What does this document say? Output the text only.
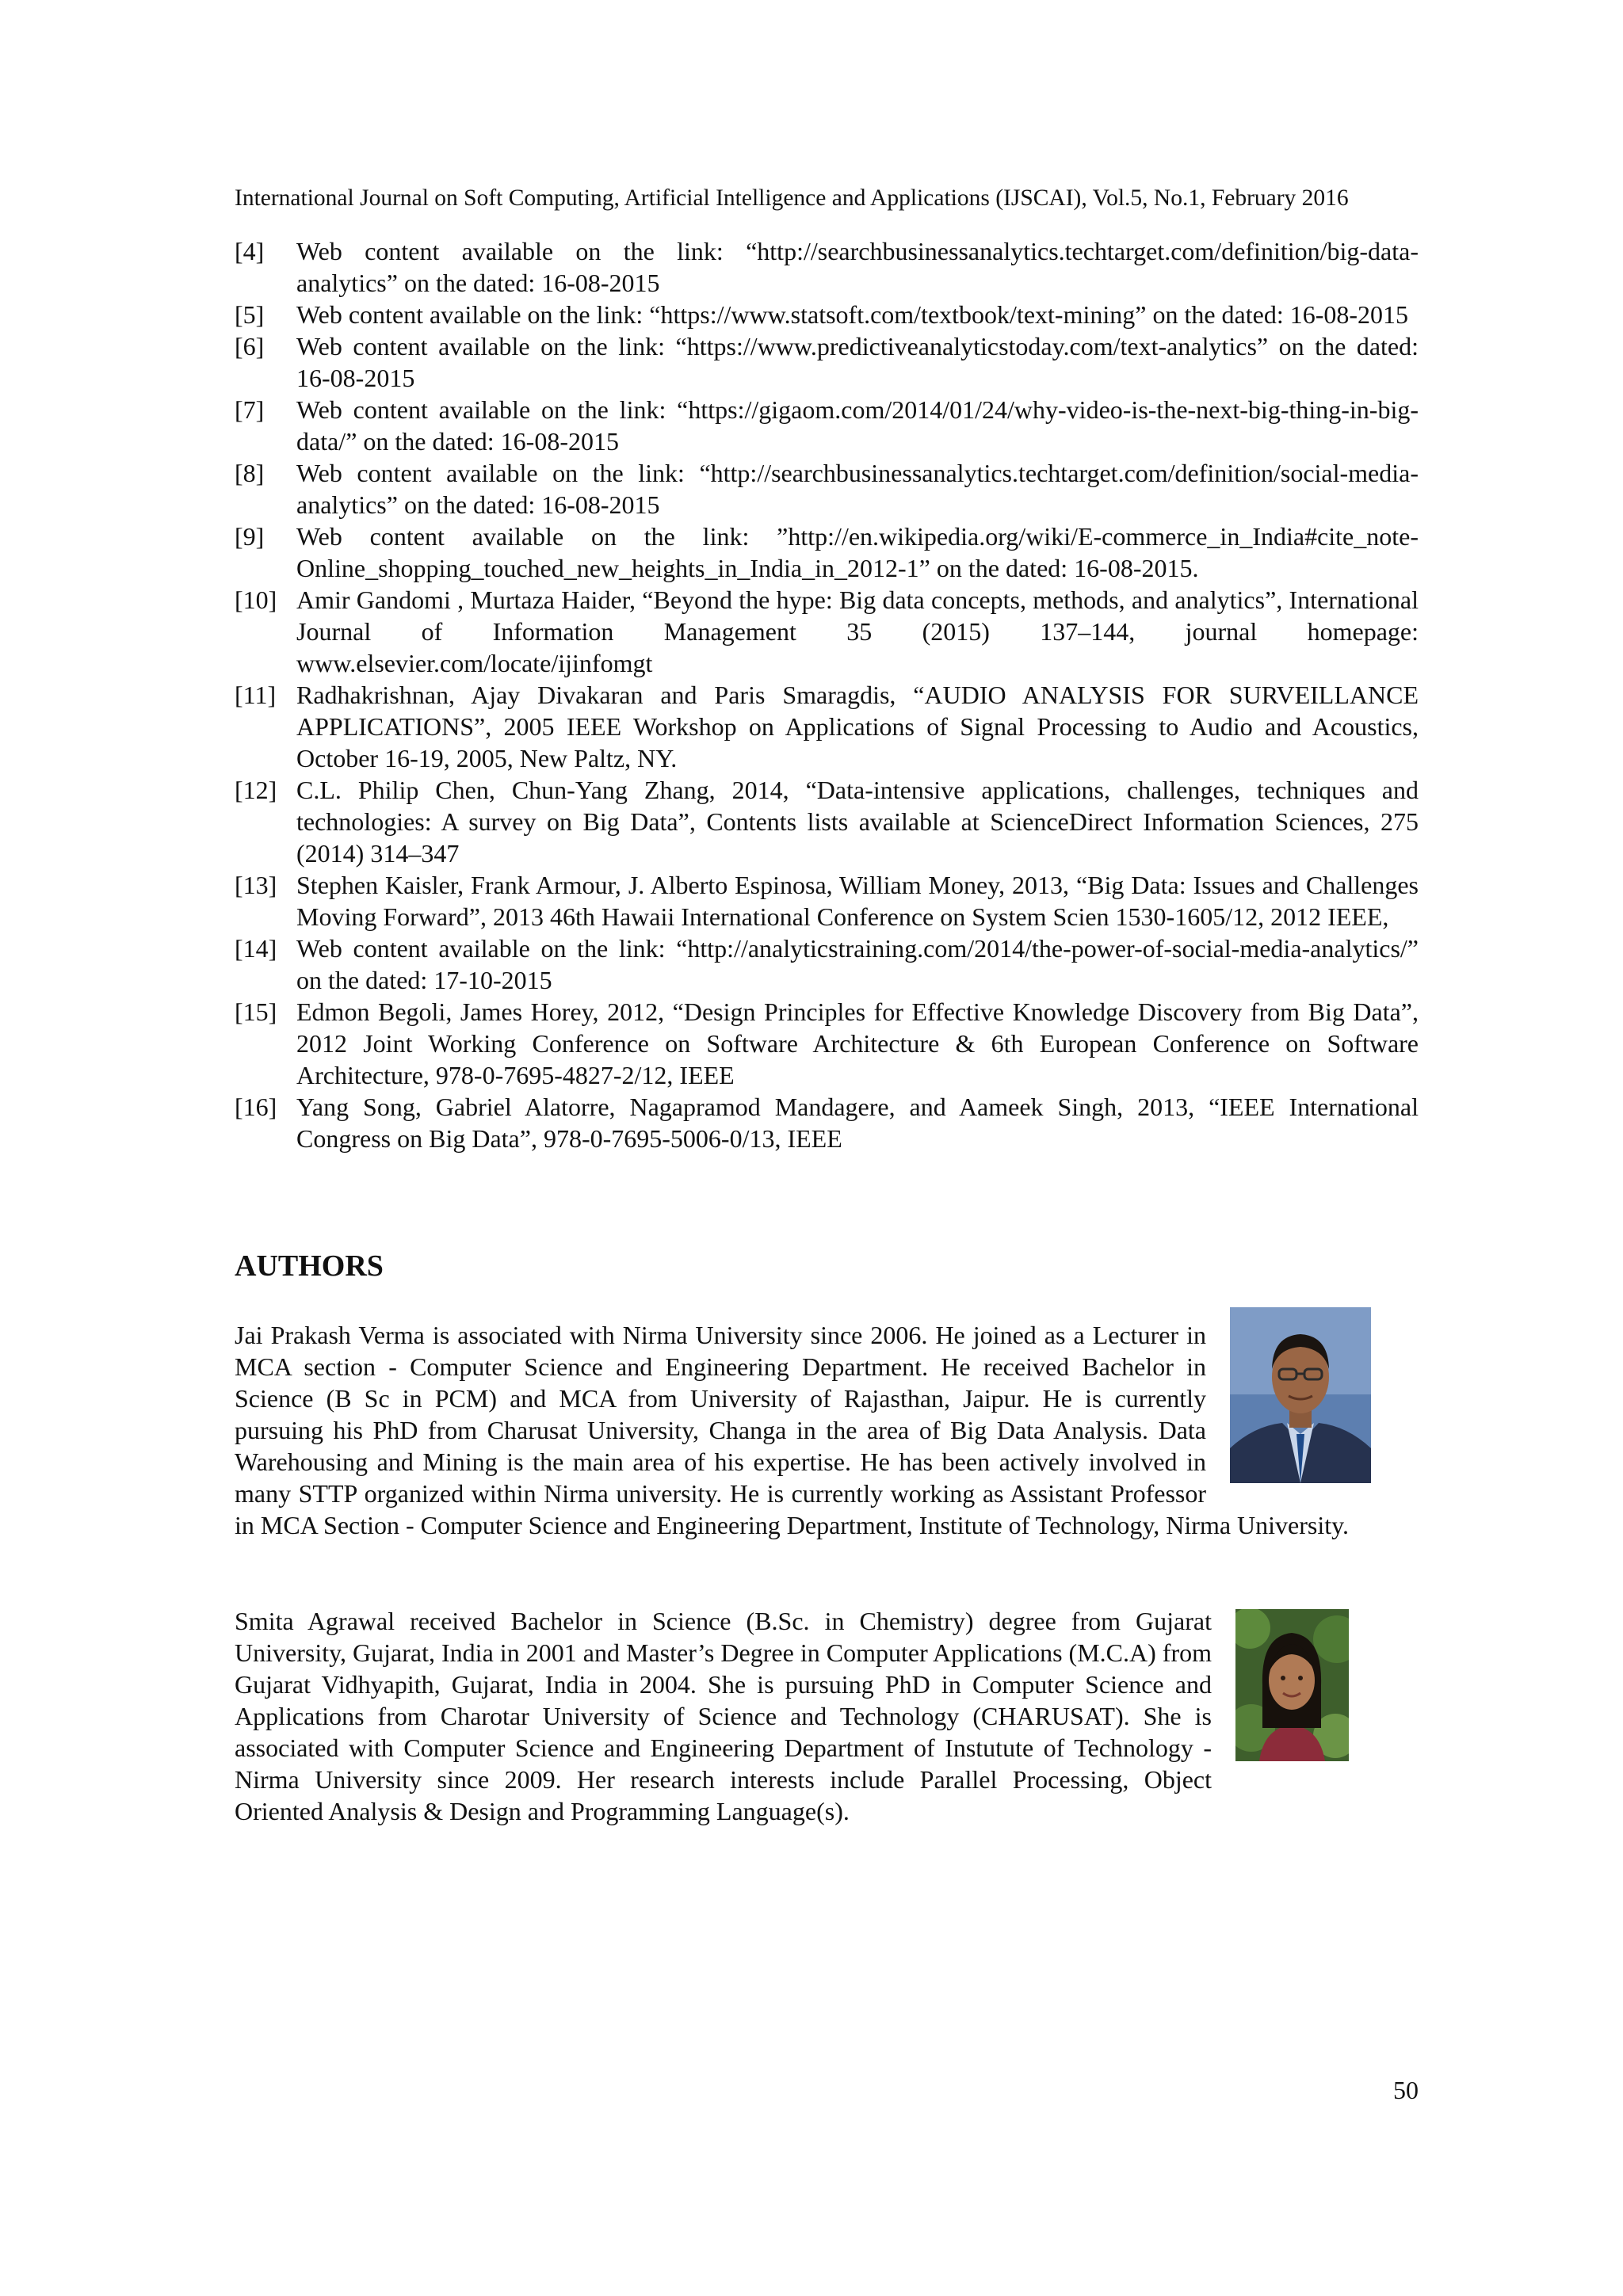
International Journal on Soft Computing, Artificial Intelligence and Applications (IJSCAI), Vol.5, No.1, February 2016
[4]	Web content available on the link: “http://searchbusinessanalytics.techtarget.com/definition/big-data-analytics” on the dated: 16-08-2015
[5]	Web content available on the link: “https://www.statsoft.com/textbook/text-mining” on the dated: 16-08-2015
[6]	Web content available on the link: “https://www.predictiveanalyticstoday.com/text-analytics” on the dated: 16-08-2015
[7]	Web content available on the link: “https://gigaom.com/2014/01/24/why-video-is-the-next-big-thing-in-big-data/” on the dated: 16-08-2015
[8]	Web content available on the link: “http://searchbusinessanalytics.techtarget.com/definition/social-media-analytics” on the dated: 16-08-2015
[9]	Web content available on the link: ”http://en.wikipedia.org/wiki/E-commerce_in_India#cite_note-Online_shopping_touched_new_heights_in_India_in_2012-1” on the dated: 16-08-2015.
[10] Amir Gandomi , Murtaza Haider, “Beyond the hype: Big data concepts, methods, and analytics”, International Journal of Information Management 35 (2015) 137–144, journal homepage: www.elsevier.com/locate/ijinfomgt
[11] Radhakrishnan, Ajay Divakaran and Paris Smaragdis, “AUDIO ANALYSIS FOR SURVEILLANCE APPLICATIONS”, 2005 IEEE Workshop on Applications of Signal Processing to Audio and Acoustics, October 16-19, 2005, New Paltz, NY.
[12] C.L. Philip Chen, Chun-Yang Zhang, 2014, “Data-intensive applications, challenges, techniques and technologies: A survey on Big Data”, Contents lists available at ScienceDirect Information Sciences, 275 (2014) 314–347
[13] Stephen Kaisler, Frank Armour, J. Alberto Espinosa, William Money, 2013, “Big Data: Issues and Challenges Moving Forward”, 2013 46th Hawaii International Conference on System Scien 1530-1605/12, 2012 IEEE,
[14] Web content available on the link: “http://analyticstraining.com/2014/the-power-of-social-media-analytics/” on the dated: 17-10-2015
[15] Edmon Begoli, James Horey, 2012, “Design Principles for Effective Knowledge Discovery from Big Data”, 2012 Joint Working Conference on Software Architecture & 6th European Conference on Software Architecture, 978-0-7695-4827-2/12, IEEE
[16] Yang Song, Gabriel Alatorre, Nagapramod Mandagere, and Aameek Singh, 2013, “IEEE International Congress on Big Data”, 978-0-7695-5006-0/13, IEEE
AUTHORS

Jai Prakash Verma is associated with Nirma University since 2006. He joined as a Lecturer in MCA section - Computer Science and Engineering Department. He received Bachelor in Science (B Sc in PCM) and MCA from University of Rajasthan, Jaipur. He is currently pursuing his PhD from Charusat University, Changa in the area of Big Data Analysis. Data Warehousing and Mining is the main area of his expertise. He has been actively involved in many STTP organized within Nirma university. He is currently working as Assistant Professor in MCA Section - Computer Science and Engineering Department, Institute of Technology, Nirma University.

Smita Agrawal received Bachelor in Science (B.Sc. in Chemistry) degree from Gujarat University, Gujarat, India in 2001 and Master’s Degree in Computer Applications (M.C.A) from Gujarat Vidhyapith, Gujarat, India in 2004. She is pursuing PhD in Computer Science and Applications from Charotar University of Science and Technology (CHARUSAT). She is associated with Computer Science and Engineering Department of Instutute of Technology - Nirma University since 2009. Her research interests include Parallel Processing, Object Oriented Analysis & Design and Programming Language(s).

50
